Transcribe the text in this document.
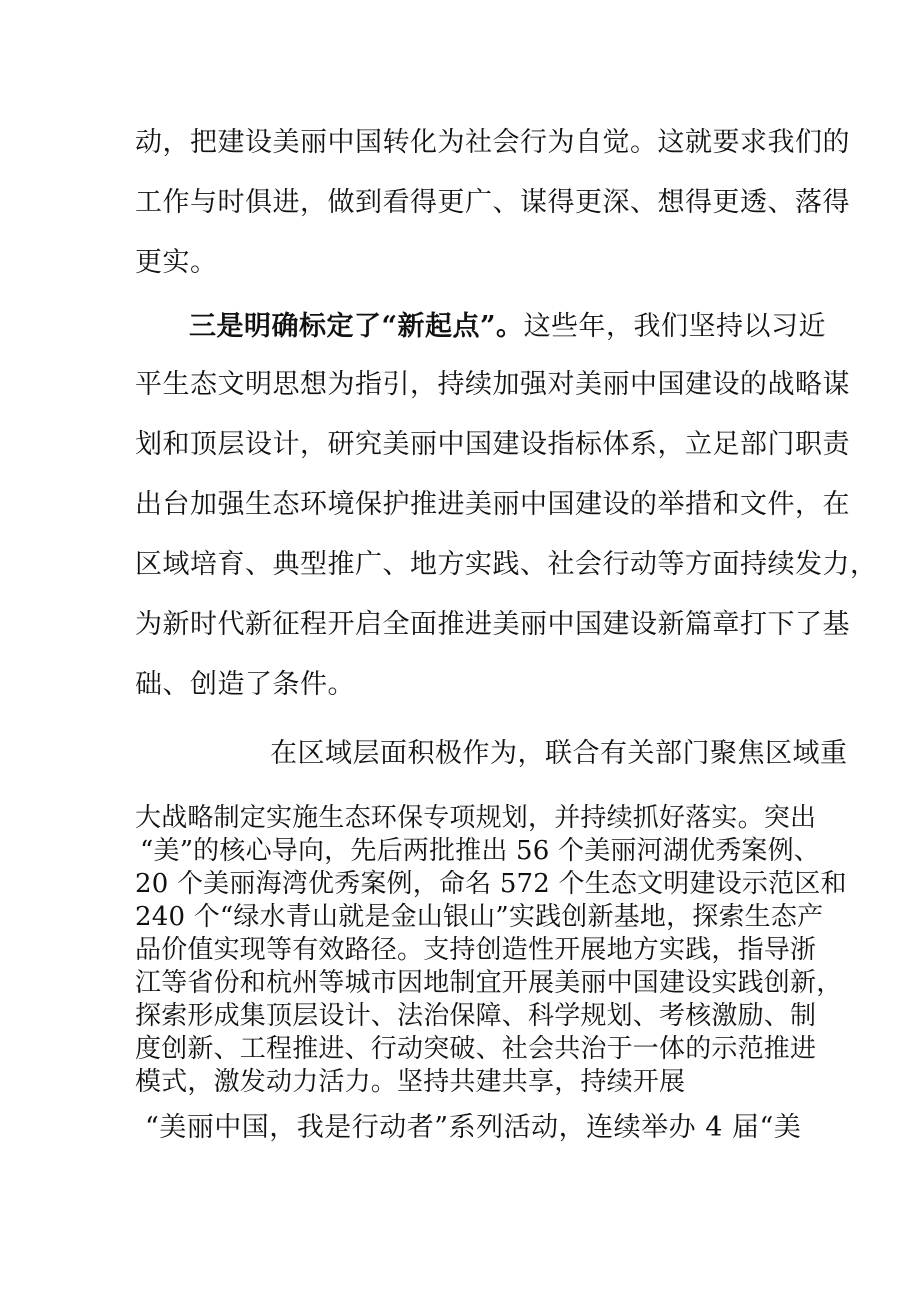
动，把建设美丽中国转化为社会行为自觉。这就要求我们的
工作与时俱进，做到看得更广、谋得更深、想得更透、落得
更实。
三是明确标定了“新起点”。这些年，我们坚持以习近
平生态文明思想为指引，持续加强对美丽中国建设的战略谋
划和顶层设计，研究美丽中国建设指标体系，立足部门职责
出台加强生态环境保护推进美丽中国建设的举措和文件，在
区域培育、典型推广、地方实践、社会行动等方面持续发力，
为新时代新征程开启全面推进美丽中国建设新篇章打下了基
础、创造了条件。
在区域层面积极作为，联合有关部门聚焦区域重
大战略制定实施生态环保专项规划，并持续抓好落实。突出
“美”的核心导向，先后两批推出 56 个美丽河湖优秀案例、
20 个美丽海湾优秀案例，命名 572 个生态文明建设示范区和
240 个“绿水青山就是金山银山”实践创新基地，探索生态产
品价值实现等有效路径。支持创造性开展地方实践，指导浙
江等省份和杭州等城市因地制宜开展美丽中国建设实践创新，
探索形成集顶层设计、法治保障、科学规划、考核激励、制
度创新、工程推进、行动突破、社会共治于一体的示范推进
模式，激发动力活力。坚持共建共享，持续开展
“美丽中国，我是行动者”系列活动，连续举办 4 届“美
